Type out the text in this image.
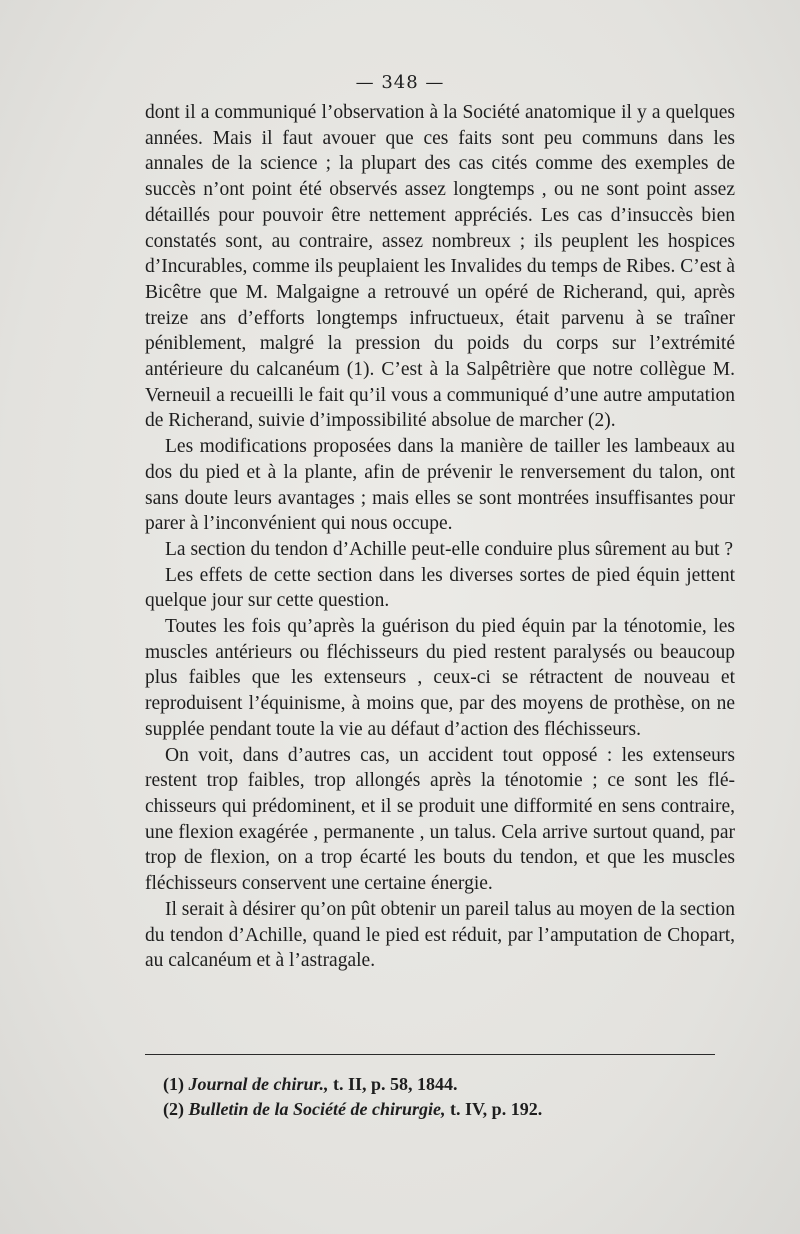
— 348 —

dont il a communiqué l’observation à la Société anatomique il y a quelques années. Mais il faut avouer que ces faits sont peu communs dans les annales de la science ; la plupart des cas cités comme des exemples de succès n’ont point été observés assez longtemps , ou ne sont point assez détaillés pour pouvoir être nettement appréciés. Les cas d’insuccès bien constatés sont, au contraire, assez nombreux ; ils peuplent les hospices d’Incurables, comme ils peuplaient les Invalides du temps de Ribes. C’est à Bicêtre que M. Malgaigne a retrouvé un opéré de Richerand, qui, après treize ans d’efforts longtemps infructueux, était parvenu à se traîner péniblement, malgré la pression du poids du corps sur l’extrémité antérieure du calcanéum (1). C’est à la Salpêtrière que notre collègue M. Verneuil a recueilli le fait qu’il vous a communiqué d’une autre amputation de Richerand, suivie d’impossibilité absolue de marcher (2).

Les modifications proposées dans la manière de tailler les lambeaux au dos du pied et à la plante, afin de prévenir le renversement du talon, ont sans doute leurs avantages ; mais elles se sont montrées insuffisantes pour parer à l’inconvénient qui nous occupe.

La section du tendon d’Achille peut-elle conduire plus sûrement au but ?

Les effets de cette section dans les diverses sortes de pied équin jettent quelque jour sur cette question.

Toutes les fois qu’après la guérison du pied équin par la ténotomie, les muscles antérieurs ou fléchisseurs du pied restent paralysés ou beaucoup plus faibles que les extenseurs , ceux-ci se rétractent de nouveau et reproduisent l’équinisme, à moins que, par des moyens de prothèse, on ne supplée pendant toute la vie au défaut d’action des fléchisseurs.

On voit, dans d’autres cas, un accident tout opposé : les extenseurs restent trop faibles, trop allongés après la ténotomie ; ce sont les fléchisseurs qui prédominent, et il se produit une difformité en sens contraire, une flexion exagérée , permanente , un talus. Cela arrive surtout quand, par trop de flexion, on a trop écarté les bouts du tendon, et que les muscles fléchisseurs conservent une certaine énergie.

Il serait à désirer qu’on pût obtenir un pareil talus au moyen de la section du tendon d’Achille, quand le pied est réduit, par l’amputation de Chopart, au calcanéum et à l’astragale.

(1) Journal de chirur., t. II, p. 58, 1844.

(2) Bulletin de la Société de chirurgie, t. IV, p. 192.
